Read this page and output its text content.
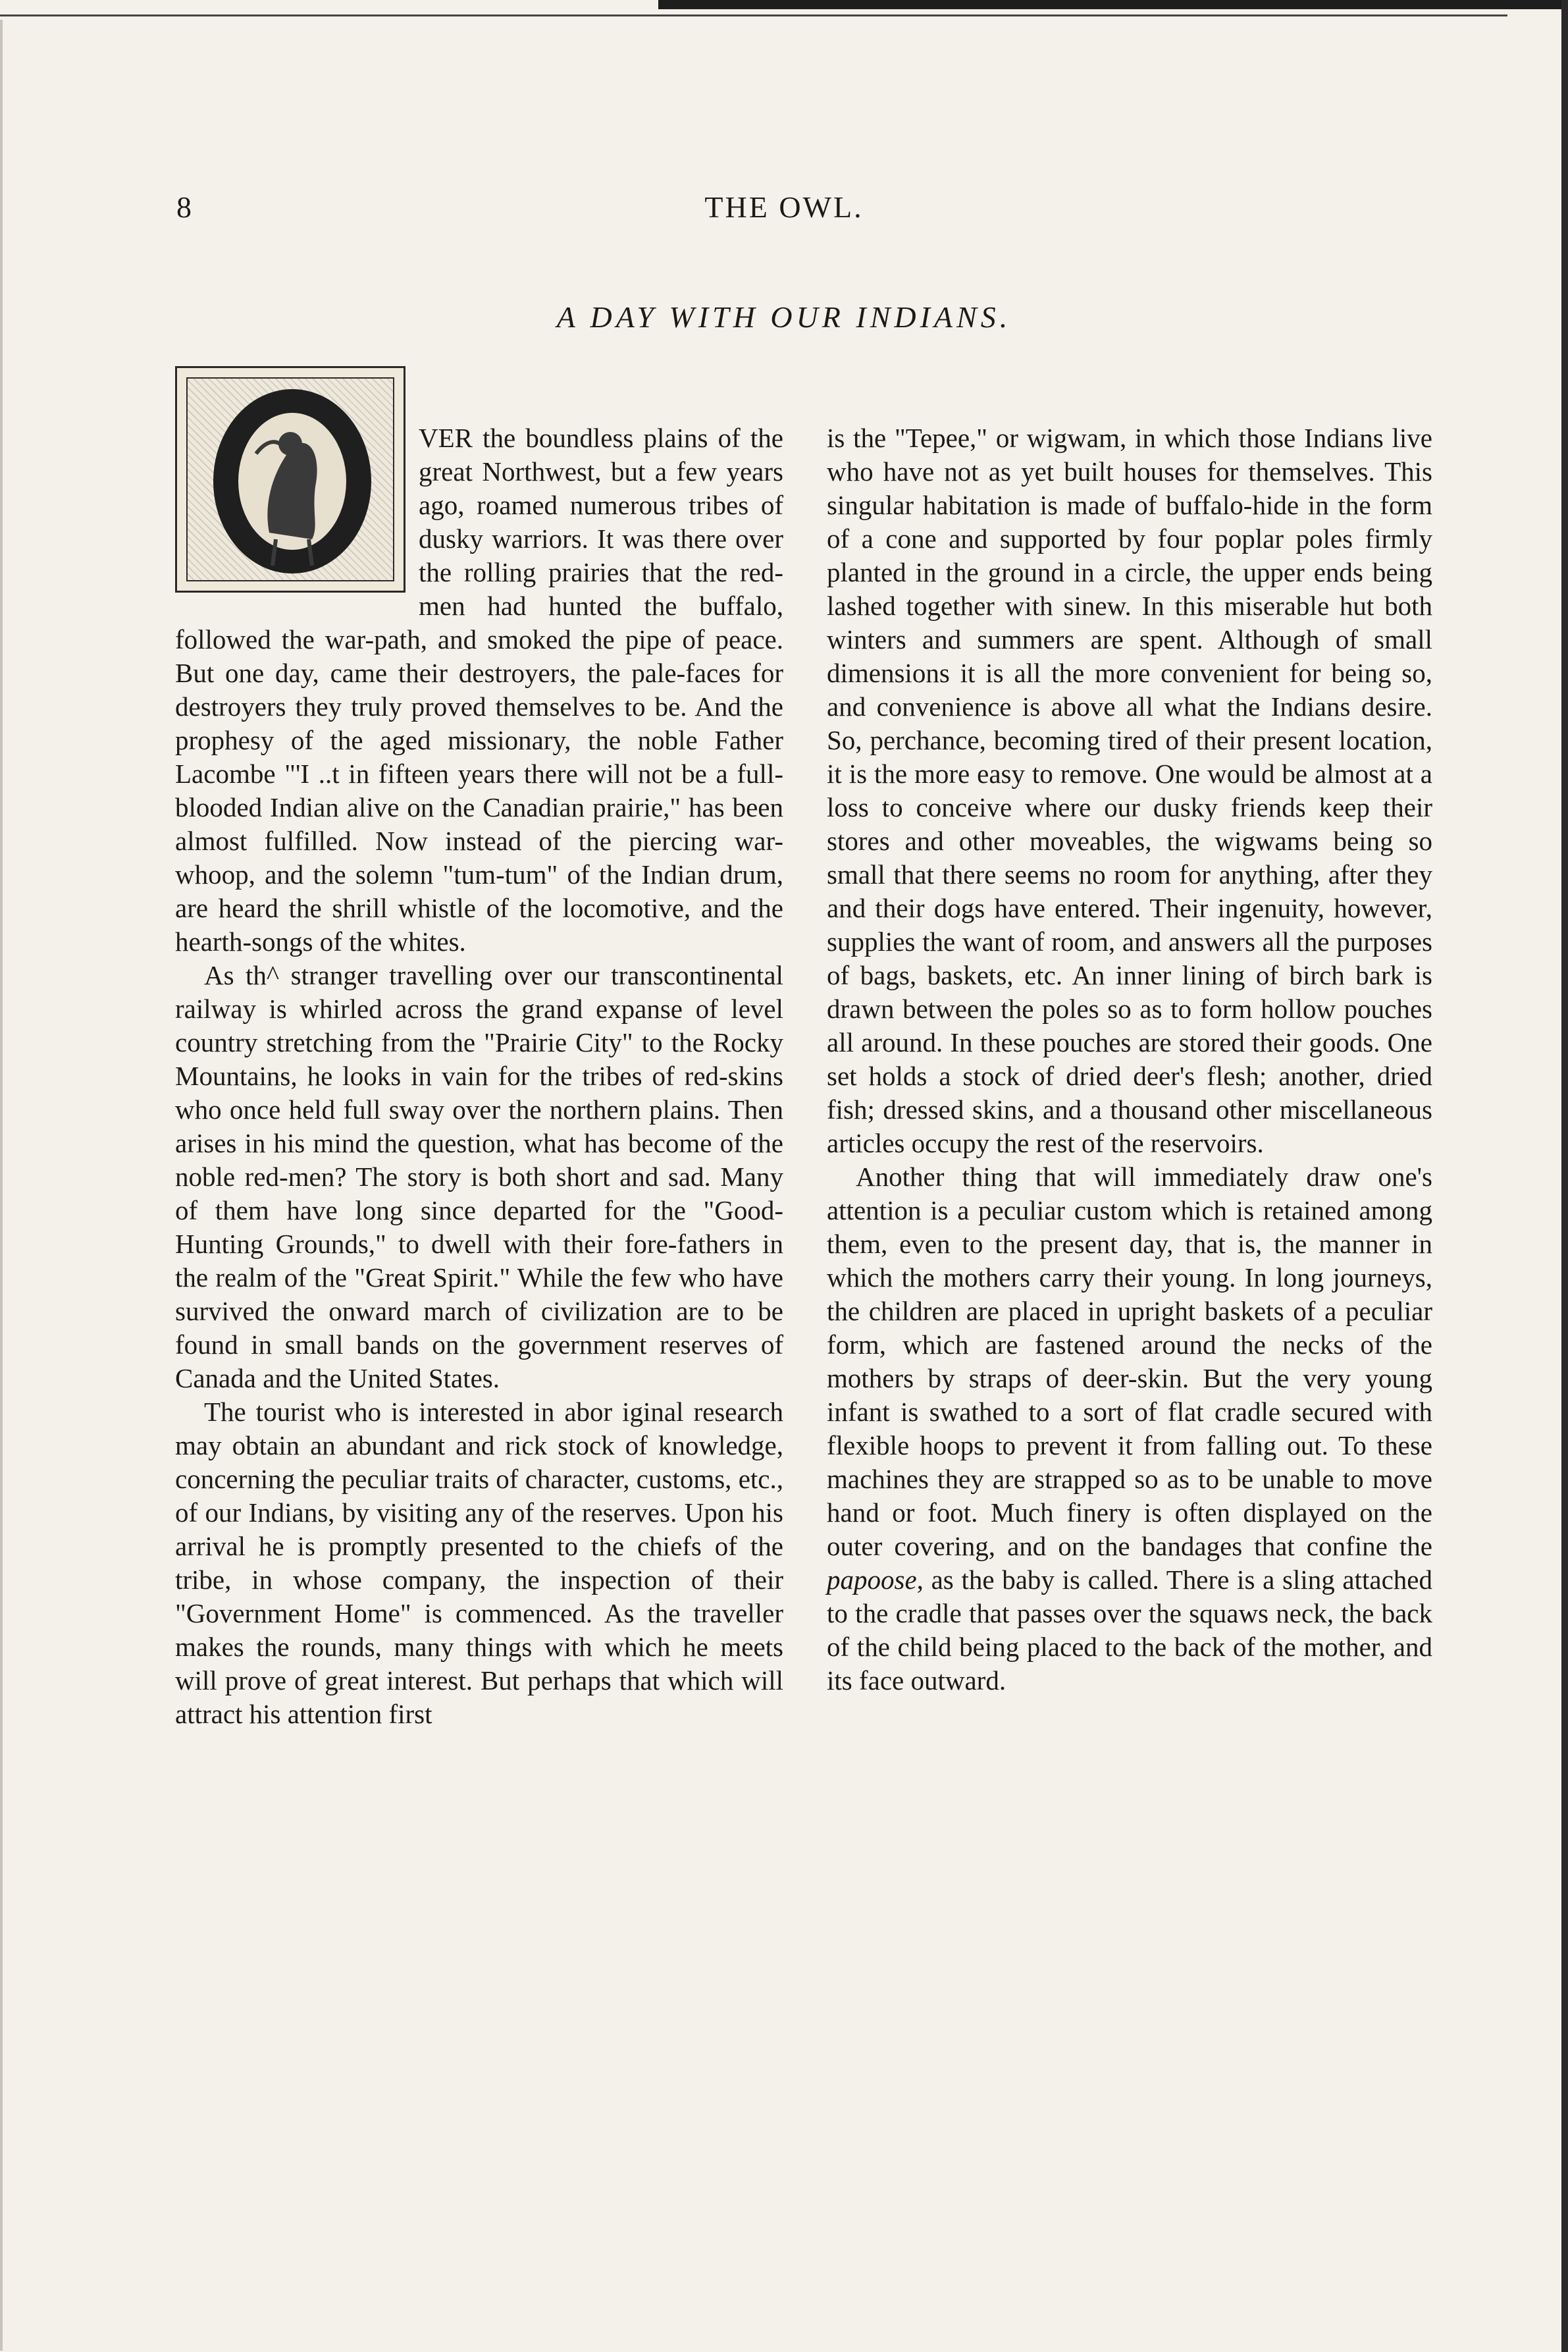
8	THE OWL.
A DAY WITH OUR INDIANS.

VER the boundless plains of the great Northwest, but a few years ago, roamed numerous tribes of dusky warriors. It was there over the rolling prairies that the red-men had hunted the buffalo, followed the war-path, and smoked the pipe of peace. But one day, came their destroyers, the pale-faces for destroyers they truly proved themselves to be. And the prophesy of the aged missionary, the noble Father Lacombe "'I ..t in fifteen years there will not be a full-blooded Indian alive on the Canadian prairie," has been almost fulfilled. Now instead of the piercing war-whoop, and the solemn "tum-tum" of the Indian drum, are heard the shrill whistle of the locomotive, and the hearth-songs of the whites.

As th^ stranger travelling over our transcontinental railway is whirled across the grand expanse of level country stretching from the "Prairie City" to the Rocky Mountains, he looks in vain for the tribes of red-skins who once held full sway over the northern plains. Then arises in his mind the question, what has become of the noble red-men? The story is both short and sad. Many of them have long since departed for the "Good-Hunting Grounds," to dwell with their fore-fathers in the realm of the "Great Spirit." While the few who have survived the onward march of civilization are to be found in small bands on the government reserves of Canada and the United States.

The tourist who is interested in abor iginal research may obtain an abundant and rick stock of knowledge, concerning the peculiar traits of character, customs, etc., of our Indians, by visiting any of the reserves. Upon his arrival he is promptly presented to the chiefs of the tribe, in whose company, the inspection of their "Government Home" is commenced. As the traveller makes the rounds, many things with which he meets will prove of great interest. But perhaps that which will attract his attention first

is the "Tepee," or wigwam, in which those Indians live who have not as yet built houses for themselves. This singular habitation is made of buffalo-hide in the form of a cone and supported by four poplar poles firmly planted in the ground in a circle, the upper ends being lashed together with sinew. In this miserable hut both winters and summers are spent. Although of small dimensions it is all the more convenient for being so, and convenience is above all what the Indians desire. So, perchance, becoming tired of their present location, it is the more easy to remove. One would be almost at a loss to conceive where our dusky friends keep their stores and other moveables, the wigwams being so small that there seems no room for anything, after they and their dogs have entered. Their ingenuity, however, supplies the want of room, and answers all the purposes of bags, baskets, etc. An inner lining of birch bark is drawn between the poles so as to form hollow pouches all around. In these pouches are stored their goods. One set holds a stock of dried deer's flesh; another, dried fish; dressed skins, and a thousand other miscellaneous articles occupy the rest of the reservoirs.

Another thing that will immediately draw one's attention is a peculiar custom which is retained among them, even to the present day, that is, the manner in which the mothers carry their young. In long journeys, the children are placed in upright baskets of a peculiar form, which are fastened around the necks of the mothers by straps of deer-skin. But the very young infant is swathed to a sort of flat cradle secured with flexible hoops to prevent it from falling out. To these machines they are strapped so as to be unable to move hand or foot. Much finery is often displayed on the outer covering, and on the bandages that confine the papoose, as the baby is called. There is a sling attached to the cradle that passes over the squaws neck, the back of the child being placed to the back of the mother, and its face outward.
